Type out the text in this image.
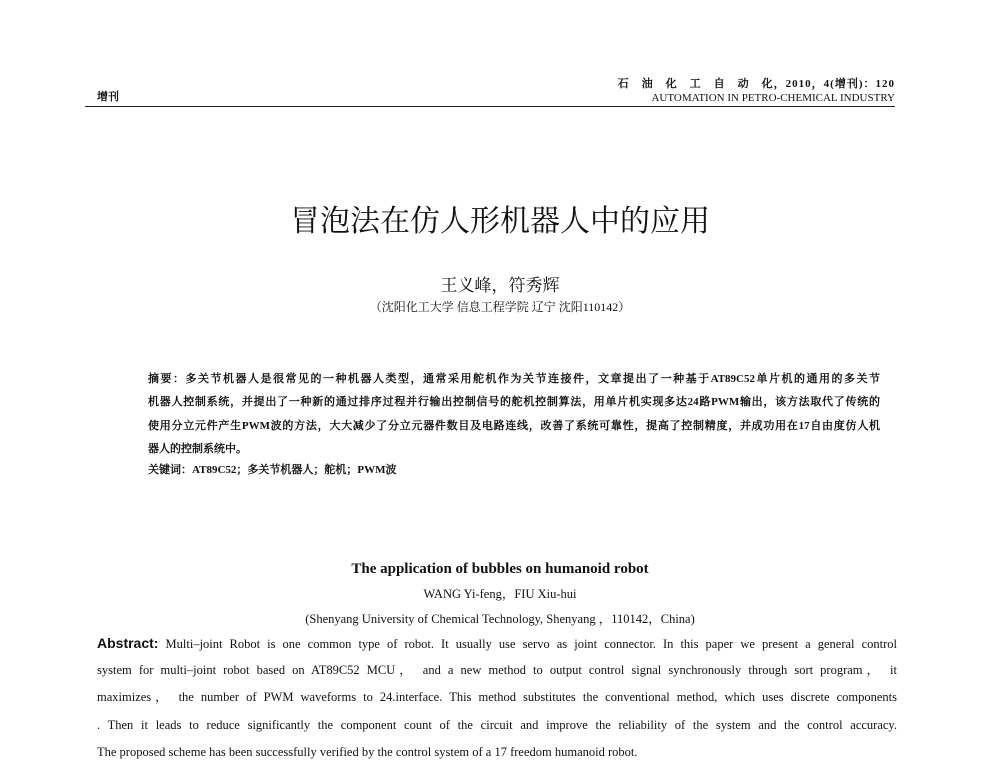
增刊
石　油　化　工　自　动　化，2010，4(增刊)：120
AUTOMATION IN PETRO-CHEMICAL INDUSTRY
冒泡法在仿人形机器人中的应用
王义峰，符秀辉
（沈阳化工大学 信息工程学院 辽宁 沈阳110142）
摘要：多关节机器人是很常见的一种机器人类型，通常采用舵机作为关节连接件，文章提出了一种基于AT89C52单片机的通用的多关节
机器人控制系统，并提出了一种新的通过排序过程并行输出控制信号的舵机控制算法，用单片机实现多达24路PWM输出，该方法取代了传统的
使用分立元件产生PWM波的方法，大大减少了分立元器件数目及电路连线，改善了系统可靠性，提高了控制精度，并成功用在17自由度仿人机
器人的控制系统中。
关键词：AT89C52；多关节机器人；舵机；PWM波
The application of bubbles on humanoid robot
WANG Yi-feng，FIU Xiu-hui
(Shenyang University of Chemical Technology, Shenyang ，110142，China)
Abstract: Multi–joint Robot is one common type of robot. It usually use servo as joint connector. In this paper we present a general control
system for multi–joint robot based on AT89C52 MCU， and a new method to output control signal synchronously through sort program， it
maximizes， the number of PWM waveforms to 24.interface. This method substitutes the conventional method, which uses discrete components
. Then it leads to reduce significantly the component count of the circuit and improve the reliability of the system and the control accuracy.
The proposed scheme has been successfully verified by the control system of a 17 freedom humanoid robot.
